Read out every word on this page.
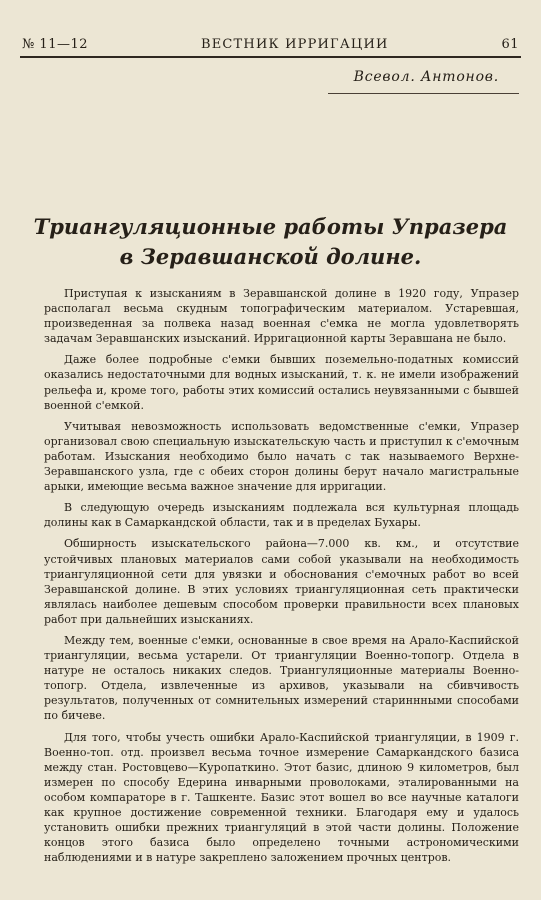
№ 11—12	ВЕСТНИК ИРРИГАЦИИ	61
Всевол. Антонов.
Триангуляционные работы Упразера
в Зеравшанской долине.

Приступая к изысканиям в Зеравшанской долине в 1920 году, Упразер располагал весьма скудным топографическим материалом. Устаревшая, произведенная за полвека назад военная с'емка не могла удовлетворять задачам Зеравшанских изысканий. Ирригационной карты Зеравшана не было.

Даже более подробные с'емки бывших поземельно-податных комиссий оказались недостаточными для водных изысканий, т. к. не имели изображений рельефа и, кроме того, работы этих комиссий остались неувязанными с бывшей военной с'емкой.

Учитывая невозможность использовать ведомственные с'емки, Упразер организовал свою специальную изыскательскую часть и приступил к с'емочным работам. Изыскания необходимо было начать с так называемого Верхне-Зеравшанского узла, где с обеих сторон долины берут начало магистральные арыки, имеющие весьма важное значение для ирригации.

В следующую очередь изысканиям подлежала вся культурная площадь долины как в Самаркандской области, так и в пределах Бухары.

Обширность изыскательского района—7.000 кв. км., и отсутствие устойчивых плановых материалов сами собой указывали на необходимость триангуляционной сети для увязки и обоснования с'емочных работ во всей Зеравшанской долине. В этих условиях триангуляционная сеть практически являлась наиболее дешевым способом проверки правильности всех плановых работ при дальнейших изысканиях.

Между тем, военные с'емки, основанные в свое время на Арало-Каспийской триангуляции, весьма устарели. От триангуляции Военно-топогр. Отдела в натуре не осталось никаких следов. Триангуляционные материалы Военно-топогр. Отдела, извлеченные из архивов, указывали на сбивчивость результатов, полученных от сомнительных измерений стариннными способами по бичеве.

Для того, чтобы учесть ошибки Арало-Каспийской триангуляции, в 1909 г. Военно-топ. отд. произвел весьма точное измерение Самаркандского базиса между стан. Ростовцево—Куропаткино. Этот базис, длиною 9 километров, был измерен по способу Едерина инварными проволоками, эталированными на особом компараторе в г. Ташкенте. Базис этот вошел во все научные каталоги как крупное достижение современной техники. Благодаря ему и удалось установить ошибки прежних триангуляций в этой части долины. Положение концов этого базиса было определено точными астрономическими наблюдениями и в натуре закреплено заложением прочных центров.
